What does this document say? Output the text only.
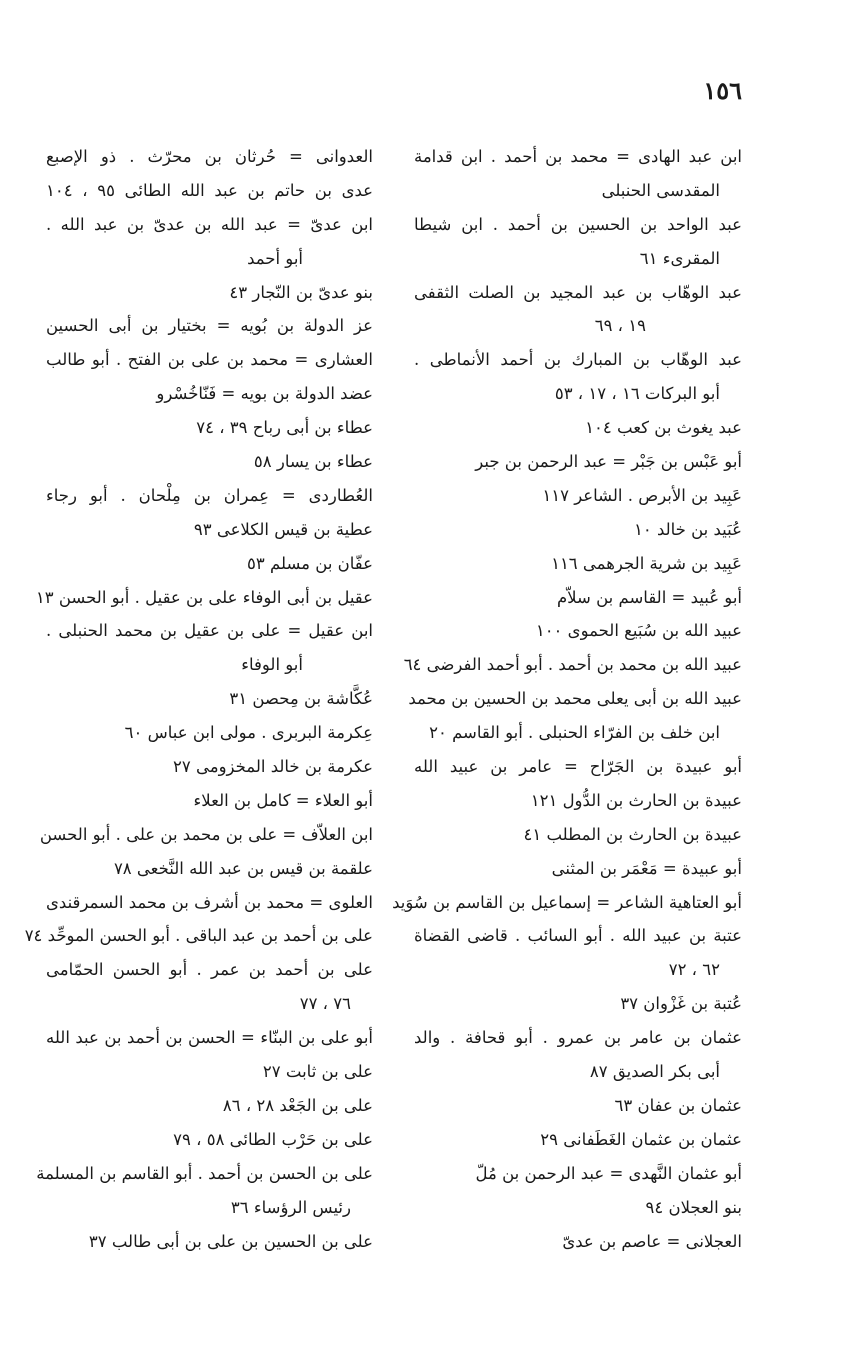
١٥٦
ابن عبد الهادى = محمد بن أحمد . ابن قدامة
المقدسى الحنبلى
عبد الواحد بن الحسين بن أحمد . ابن شيطا
المقرىء ٦١
عبد الوهّاب بن عبد المجيد بن الصلت الثقفى
١٩ ، ٦٩
عبد الوهّاب بن المبارك بن أحمد الأنماطى .
أبو البركات ١٦ ، ١٧ ، ٥٣
عبد يغوث بن كعب ١٠٤
أبو عَبْس بن جَبْر = عبد الرحمن بن جبر
عَبِيد بن الأبرص . الشاعر ١١٧
عُبَيد بن خالد ١٠
عَبِيد بن شرية الجرهمى ١١٦
أبو عُبيد = القاسم بن سلاّم
عبيد الله بن سُبَيع الحموى ١٠٠
عبيد الله بن محمد بن أحمد . أبو أحمد الفرضى ٦٤
عبيد الله بن أبى يعلى محمد بن الحسين بن محمد
ابن خلف بن الفرّاء الحنبلى . أبو القاسم ٢٠
أبو عبيدة بن الجَرّاح = عامر بن عبيد الله
عبيدة بن الحارث بن الدُّول ١٢١
عبيدة بن الحارث بن المطلب ٤١
أبو عبيدة = مَعْمَر بن المثنى
أبو العتاهية الشاعر = إسماعيل بن القاسم بن سُوَيد
عتبة بن عبيد الله . أبو السائب . قاضى القضاة
٦٢ ، ٧٢
عُتبة بن غَزْوان ٣٧
عثمان بن عامر بن عمرو . أبو قحافة . والد
أبى بكر الصديق ٨٧
عثمان بن عفان ٦٣
عثمان بن عثمان الغَطَفانى ٢٩
أبو عثمان النَّهدى = عبد الرحمن بن مُلّ
بنو العجلان ٩٤
العجلانى = عاصم بن عدىّ
العدوانى = حُرثان بن محرّث . ذو الإصبع
عدى بن حاتم بن عبد الله الطائى ٩٥ ، ١٠٤
ابن عدىّ = عبد الله بن عدىّ بن عبد الله .
أبو أحمد
بنو عدىّ بن النّجار ٤٣
عز الدولة بن بُويه = بختيار بن أبى الحسين
العشارى = محمد بن على بن الفتح . أبو طالب
عضد الدولة بن بويه = فَنّاخُسْرو
عطاء بن أبى رباح ٣٩ ، ٧٤
عطاء بن يسار ٥٨
العُطاردى = عِمران بن مِلْحان . أبو رجاء
عطية بن قيس الكلاعى ٩٣
عفّان بن مسلم ٥٣
عقيل بن أبى الوفاء على بن عقيل . أبو الحسن ١٣
ابن عقيل = على بن عقيل بن محمد الحنبلى .
أبو الوفاء
عُكَّاشة بن مِحصن ٣١
عِكرمة البربرى . مولى ابن عباس ٦٠
عكرمة بن خالد المخزومى ٢٧
أبو العلاء = كامل بن العلاء
ابن العلاّف = على بن محمد بن على . أبو الحسن
علقمة بن قيس بن عبد الله النَّخعى ٧٨
العلوى = محمد بن أشرف بن محمد السمرقندى
على بن أحمد بن عبد الباقى . أبو الحسن الموحِّد ٧٤
على بن أحمد بن عمر . أبو الحسن الحمّامى
٧٦ ، ٧٧
أبو على بن البنّاء = الحسن بن أحمد بن عبد الله
على بن ثابت ٢٧
على بن الجَعْد ٢٨ ، ٨٦
على بن حَرْب الطائى ٥٨ ، ٧٩
على بن الحسن بن أحمد . أبو القاسم بن المسلمة
رئيس الرؤساء ٣٦
على بن الحسين بن على بن أبى طالب ٣٧
